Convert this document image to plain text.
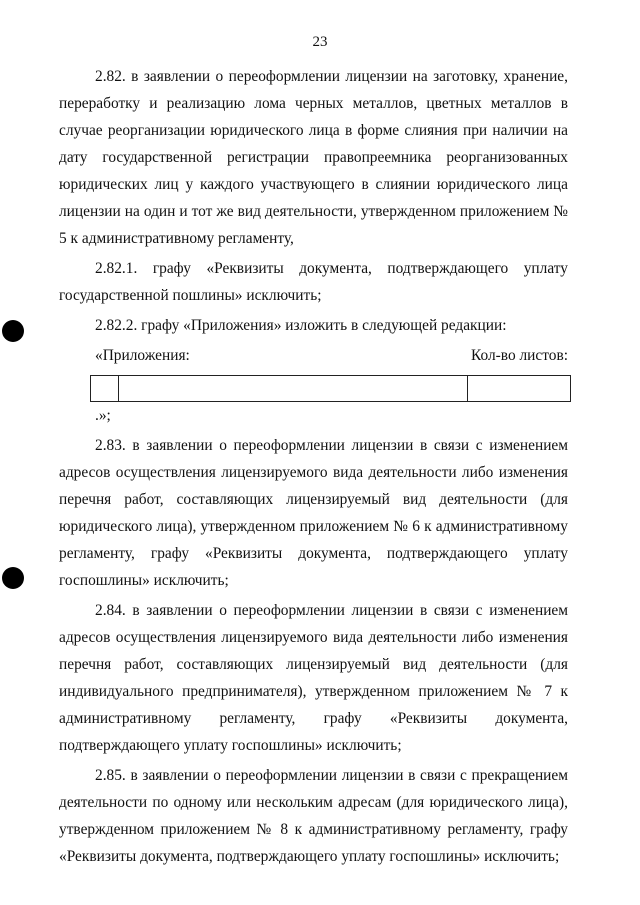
23

2.82. в заявлении о переоформлении лицензии на заготовку, хранение, переработку и реализацию лома черных металлов, цветных металлов в случае реорганизации юридического лица в форме слияния при наличии на дату государственной регистрации правопреемника реорганизованных юридических лиц у каждого участвующего в слиянии юридического лица лицензии на один и тот же вид деятельности, утвержденном приложением № 5 к административному регламенту,

2.82.1. графу «Реквизиты документа, подтверждающего уплату государственной пошлины» исключить;

2.82.2. графу «Приложения» изложить в следующей редакции:

«Приложения:	Кол-во листов:
.»;

2.83. в заявлении о переоформлении лицензии в связи с изменением адресов осуществления лицензируемого вида деятельности либо изменения перечня работ, составляющих лицензируемый вид деятельности (для юридического лица), утвержденном приложением № 6 к административному регламенту, графу «Реквизиты документа, подтверждающего уплату госпошлины» исключить;

2.84. в заявлении о переоформлении лицензии в связи с изменением адресов осуществления лицензируемого вида деятельности либо изменения перечня работ, составляющих лицензируемый вид деятельности (для индивидуального предпринимателя), утвержденном приложением № 7 к административному регламенту, графу «Реквизиты документа, подтверждающего уплату госпошлины» исключить;

2.85. в заявлении о переоформлении лицензии в связи с прекращением деятельности по одному или нескольким адресам (для юридического лица), утвержденном приложением № 8 к административному регламенту, графу «Реквизиты документа, подтверждающего уплату госпошлины» исключить;
